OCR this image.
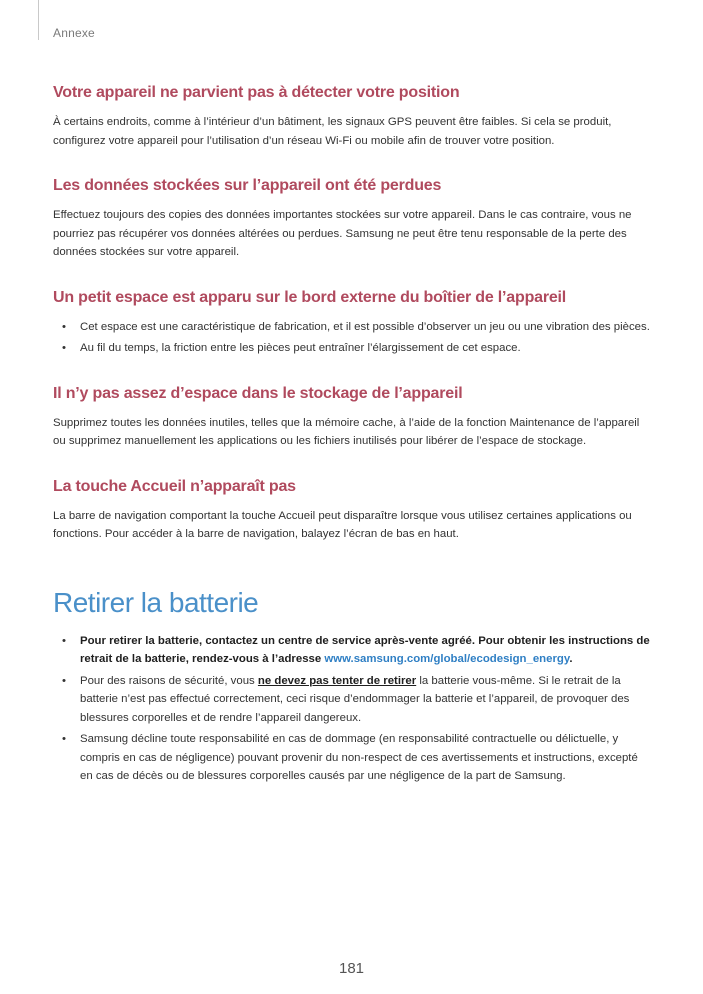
Annexe
Votre appareil ne parvient pas à détecter votre position

À certains endroits, comme à l’intérieur d’un bâtiment, les signaux GPS peuvent être faibles. Si cela se produit, configurez votre appareil pour l’utilisation d’un réseau Wi-Fi ou mobile afin de trouver votre position.

Les données stockées sur l’appareil ont été perdues

Effectuez toujours des copies des données importantes stockées sur votre appareil. Dans le cas contraire, vous ne pourriez pas récupérer vos données altérées ou perdues. Samsung ne peut être tenu responsable de la perte des données stockées sur votre appareil.

Un petit espace est apparu sur le bord externe du boîtier de l’appareil
• Cet espace est une caractéristique de fabrication, et il est possible d’observer un jeu ou une vibration des pièces.
• Au fil du temps, la friction entre les pièces peut entraîner l’élargissement de cet espace.
Il n’y pas assez d’espace dans le stockage de l’appareil

Supprimez toutes les données inutiles, telles que la mémoire cache, à l’aide de la fonction Maintenance de l’appareil ou supprimez manuellement les applications ou les fichiers inutilisés pour libérer de l’espace de stockage.

La touche Accueil n’apparaît pas

La barre de navigation comportant la touche Accueil peut disparaître lorsque vous utilisez certaines applications ou fonctions. Pour accéder à la barre de navigation, balayez l’écran de bas en haut.

Retirer la batterie
• Pour retirer la batterie, contactez un centre de service après-vente agréé. Pour obtenir les instructions de retrait de la batterie, rendez-vous à l’adresse www.samsung.com/global/ecodesign_energy.
• Pour des raisons de sécurité, vous ne devez pas tenter de retirer la batterie vous-même. Si le retrait de la batterie n’est pas effectué correctement, ceci risque d’endommager la batterie et l’appareil, de provoquer des blessures corporelles et de rendre l’appareil dangereux.
• Samsung décline toute responsabilité en cas de dommage (en responsabilité contractuelle ou délictuelle, y compris en cas de négligence) pouvant provenir du non-respect de ces avertissements et instructions, excepté en cas de décès ou de blessures corporelles causés par une négligence de la part de Samsung.
181
